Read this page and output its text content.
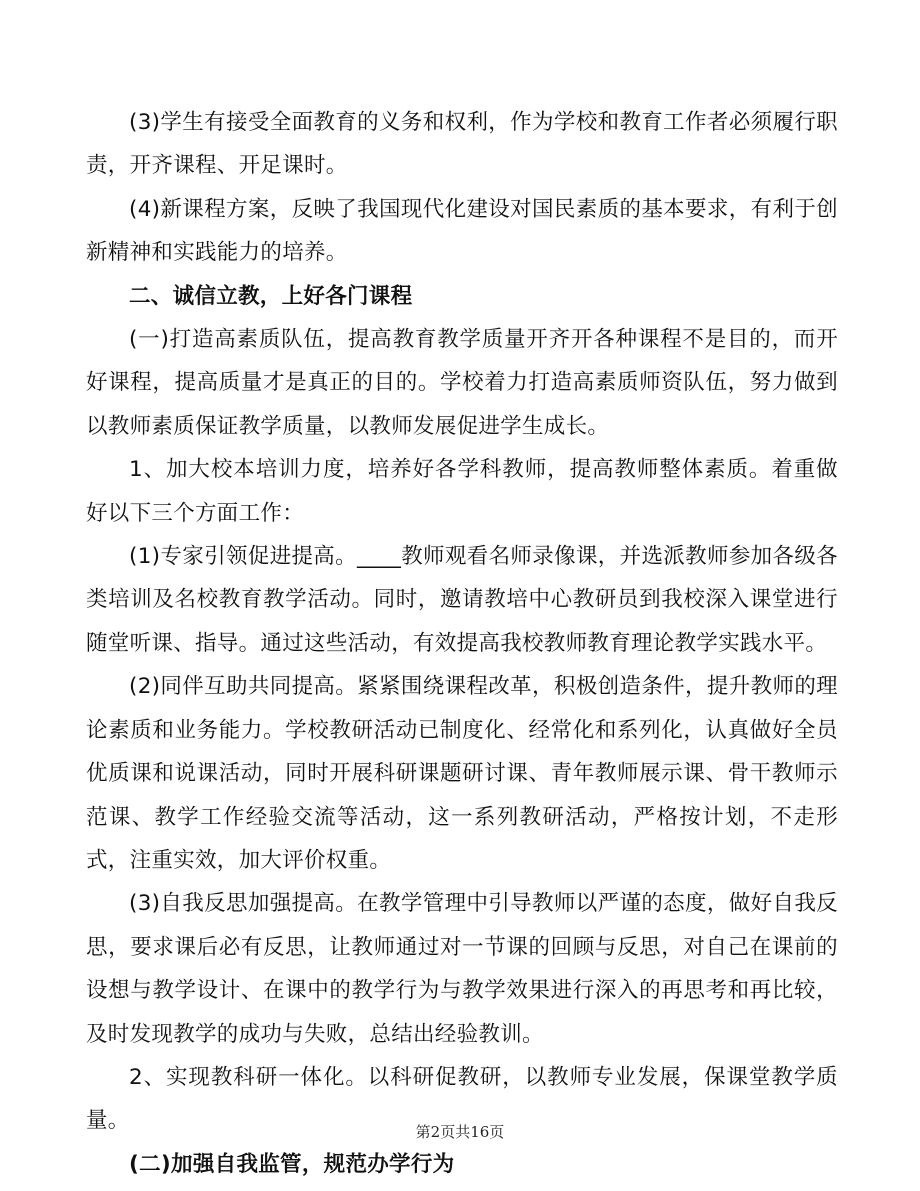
(3)学生有接受全面教育的义务和权利，作为学校和教育工作者必须履行职责，开齐课程、开足课时。

(4)新课程方案，反映了我国现代化建设对国民素质的基本要求，有利于创新精神和实践能力的培养。

二、诚信立教，上好各门课程

(一)打造高素质队伍，提高教育教学质量开齐开各种课程不是目的，而开好课程，提高质量才是真正的目的。学校着力打造高素质师资队伍，努力做到以教师素质保证教学质量，以教师发展促进学生成长。

1、加大校本培训力度，培养好各学科教师，提高教师整体素质。着重做好以下三个方面工作：

(1)专家引领促进提高。____教师观看名师录像课，并选派教师参加各级各类培训及名校教育教学活动。同时，邀请教培中心教研员到我校深入课堂进行随堂听课、指导。通过这些活动，有效提高我校教师教育理论教学实践水平。

(2)同伴互助共同提高。紧紧围绕课程改革，积极创造条件，提升教师的理论素质和业务能力。学校教研活动已制度化、经常化和系列化，认真做好全员优质课和说课活动，同时开展科研课题研讨课、青年教师展示课、骨干教师示范课、教学工作经验交流等活动，这一系列教研活动，严格按计划，不走形式，注重实效，加大评价权重。

(3)自我反思加强提高。在教学管理中引导教师以严谨的态度，做好自我反思，要求课后必有反思，让教师通过对一节课的回顾与反思，对自己在课前的设想与教学设计、在课中的教学行为与教学效果进行深入的再思考和再比较，及时发现教学的成功与失败，总结出经验教训。

2、实现教科研一体化。以科研促教研，以教师专业发展，保课堂教学质量。

(二)加强自我监管，规范办学行为

第2页共16页
